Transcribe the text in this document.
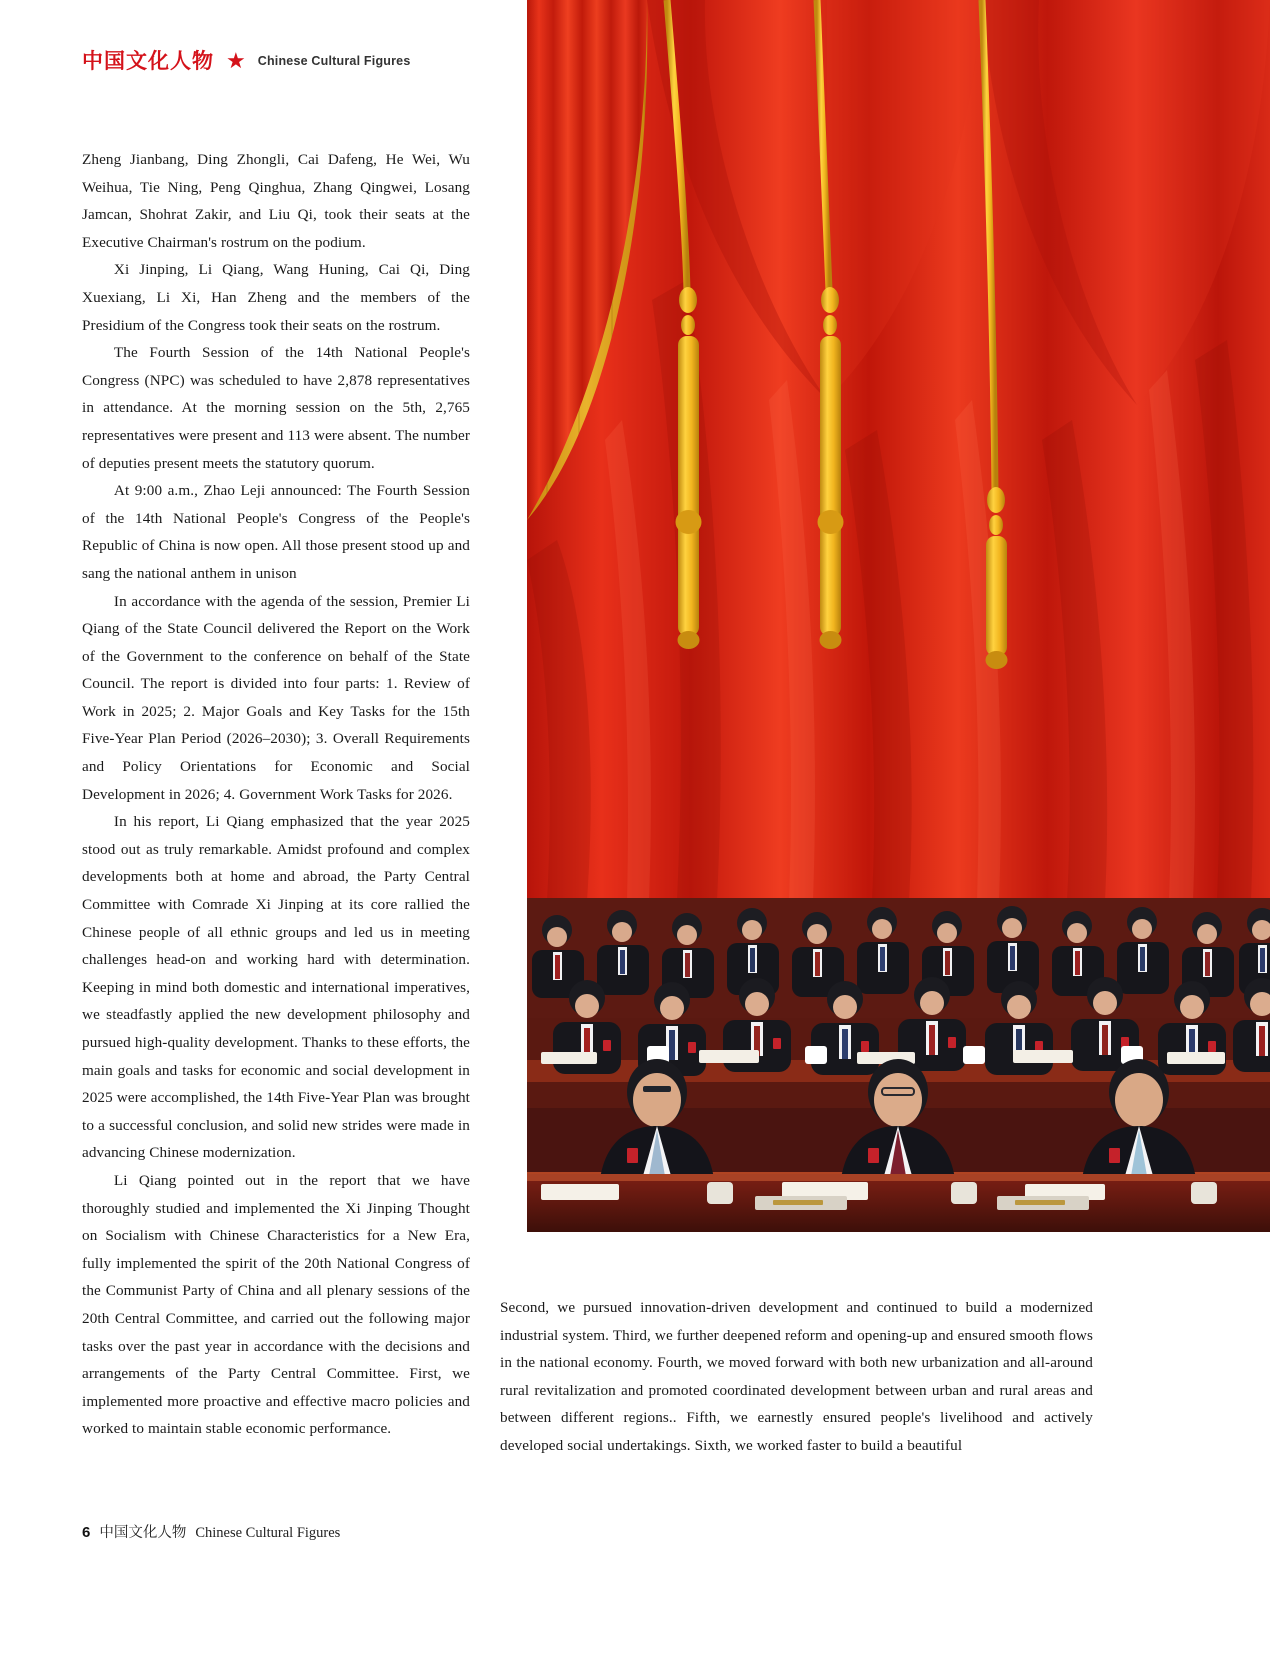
中国文化人物 ★ Chinese Cultural Figures

Zheng Jianbang, Ding Zhongli, Cai Dafeng, He Wei, Wu Weihua, Tie Ning, Peng Qinghua, Zhang Qingwei, Losang Jamcan, Shohrat Zakir, and Liu Qi, took their seats at the Executive Chairman's rostrum on the podium.

Xi Jinping, Li Qiang, Wang Huning, Cai Qi, Ding Xuexiang, Li Xi, Han Zheng and the members of the Presidium of the Congress took their seats on the rostrum.

The Fourth Session of the 14th National People's Congress (NPC) was scheduled to have 2,878 representatives in attendance. At the morning session on the 5th, 2,765 representatives were present and 113 were absent. The number of deputies present meets the statutory quorum.

At 9:00 a.m., Zhao Leji announced: The Fourth Session of the 14th National People's Congress of the People's Republic of China is now open. All those present stood up and sang the national anthem in unison

In accordance with the agenda of the session, Premier Li Qiang of the State Council delivered the Report on the Work of the Government to the conference on behalf of the State Council. The report is divided into four parts: 1. Review of Work in 2025; 2. Major Goals and Key Tasks for the 15th Five-Year Plan Period (2026–2030); 3. Overall Requirements and Policy Orientations for Economic and Social Development in 2026; 4. Government Work Tasks for 2026.

In his report, Li Qiang emphasized that the year 2025 stood out as truly remarkable. Amidst profound and complex developments both at home and abroad, the Party Central Committee with Comrade Xi Jinping at its core rallied the Chinese people of all ethnic groups and led us in meeting challenges head-on and working hard with determination. Keeping in mind both domestic and international imperatives, we steadfastly applied the new development philosophy and pursued high-quality development. Thanks to these efforts, the main goals and tasks for economic and social development in 2025 were accomplished, the 14th Five-Year Plan was brought to a successful conclusion, and solid new strides were made in advancing Chinese modernization.

Li Qiang pointed out in the report that we have thoroughly studied and implemented the Xi Jinping Thought on Socialism with Chinese Characteristics for a New Era, fully implemented the spirit of the 20th National Congress of the Communist Party of China and all plenary sessions of the 20th Central Committee, and carried out the following major tasks over the past year in accordance with the decisions and arrangements of the Party Central Committee. First, we implemented more proactive and effective macro policies and worked to maintain stable economic performance.

Second, we pursued innovation-driven development and continued to build a modernized industrial system. Third, we further deepened reform and opening-up and ensured smooth flows in the national economy. Fourth, we moved forward with both new urbanization and all-around rural revitalization and promoted coordinated development between urban and rural areas and between different regions.. Fifth, we earnestly ensured people's livelihood and actively developed social undertakings. Sixth, we worked faster to build a beautiful

6 中国文化人物 Chinese Cultural Figures
